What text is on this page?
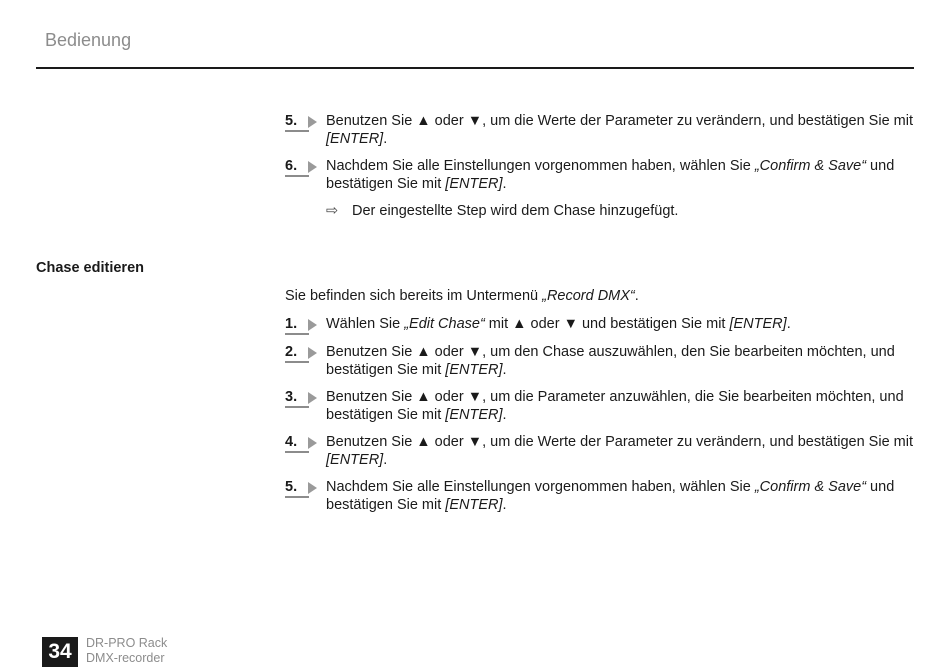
Bedienung
5. Benutzen Sie ▲ oder ▼, um die Werte der Parameter zu verändern, und bestätigen Sie mit [ENTER].
6. Nachdem Sie alle Einstellungen vorgenommen haben, wählen Sie „Confirm & Save“ und bestätigen Sie mit [ENTER].
⇨ Der eingestellte Step wird dem Chase hinzugefügt.
Chase editieren
Sie befinden sich bereits im Untermenü „Record DMX“.
1. Wählen Sie „Edit Chase“ mit ▲ oder ▼ und bestätigen Sie mit [ENTER].
2. Benutzen Sie ▲ oder ▼, um den Chase auszuwählen, den Sie bearbeiten möchten, und bestätigen Sie mit [ENTER].
3. Benutzen Sie ▲ oder ▼, um die Parameter anzuwählen, die Sie bearbeiten möchten, und bestätigen Sie mit [ENTER].
4. Benutzen Sie ▲ oder ▼, um die Werte der Parameter zu verändern, und bestätigen Sie mit [ENTER].
5. Nachdem Sie alle Einstellungen vorgenommen haben, wählen Sie „Confirm & Save“ und bestätigen Sie mit [ENTER].
34	DR-PRO Rack
DMX-recorder
